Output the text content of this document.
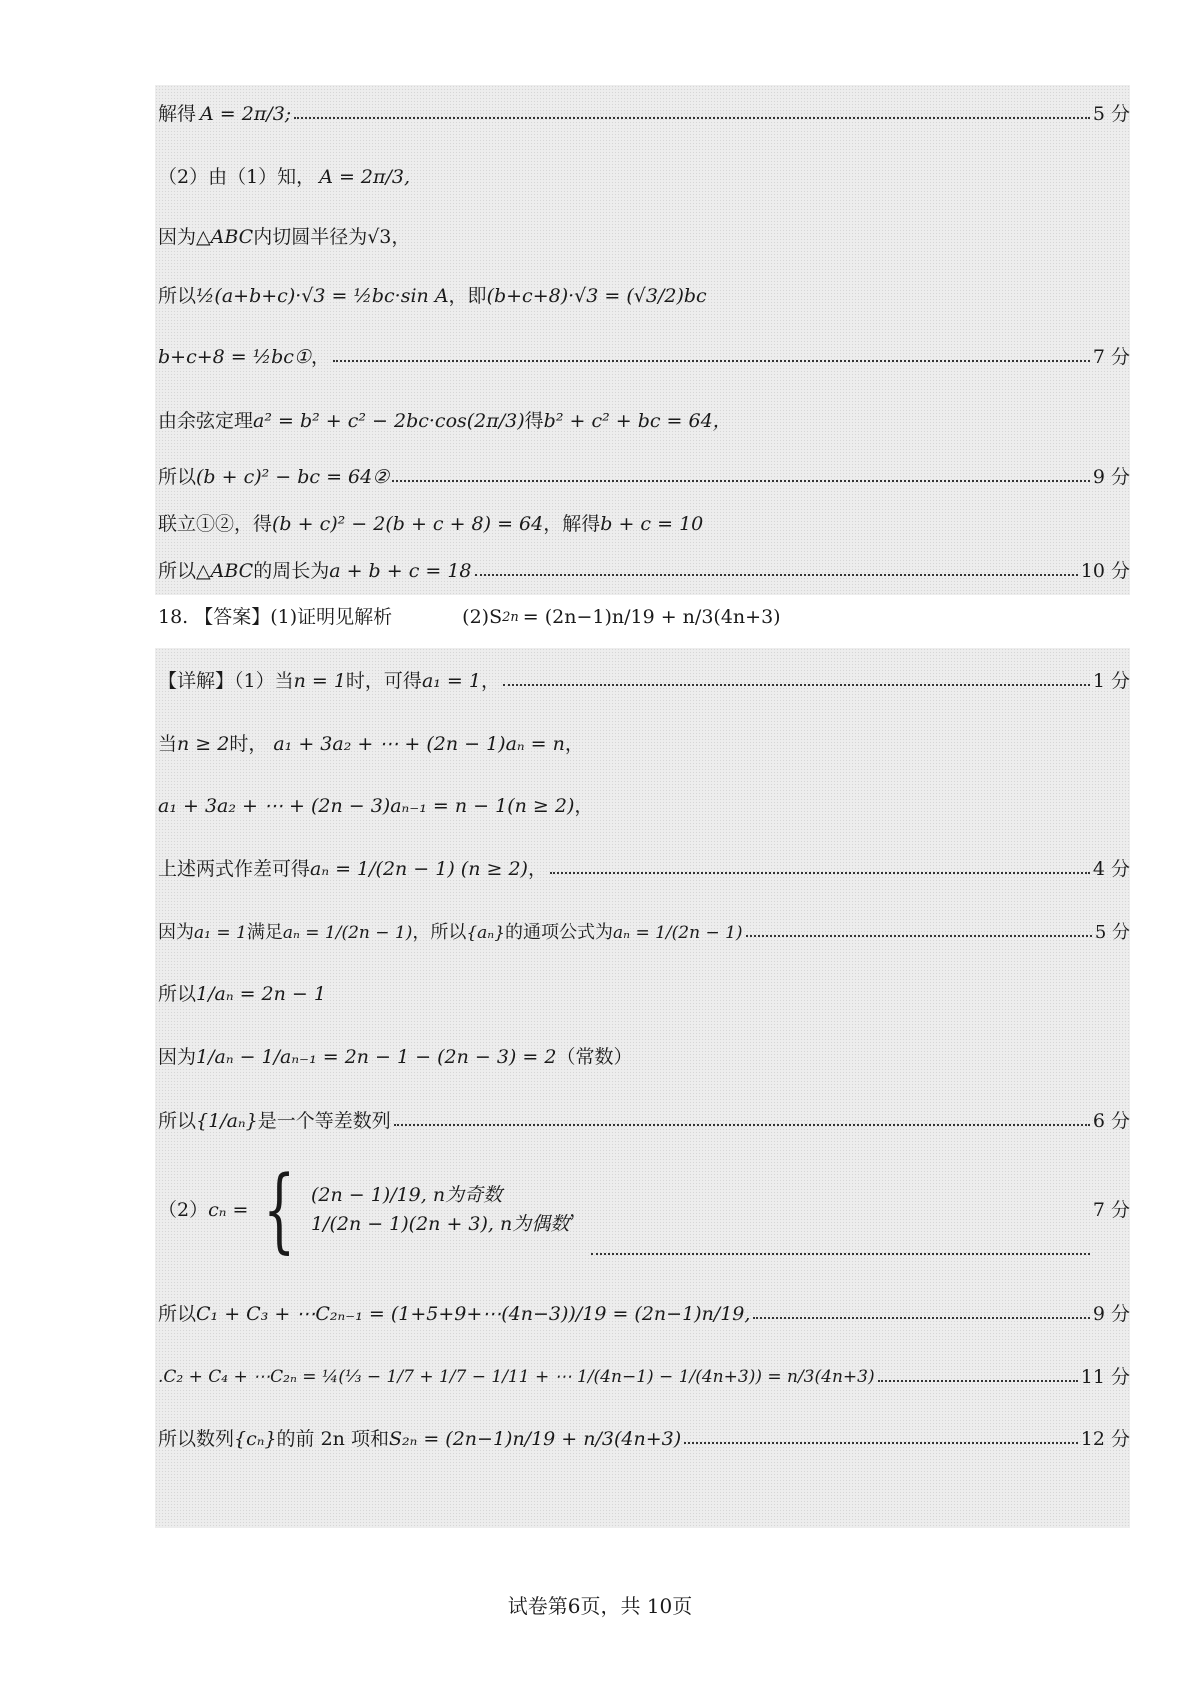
解得 A = 2π/3;	5 分
（2）由（1）知， A = 2π/3,
因为△ ABC 内切圆半径为√3，
所以 ½(a+b+c)·√3 = ½bc·sin A ，即 (b+c+8)·√3 = (√3/2)bc
b+c+8 = ½bc① ，	7 分
由余弦定理 a² = b² + c² − 2bc·cos(2π/3) 得 b² + c² + bc = 64，
所以 (b + c)² − bc = 64②	9 分
联立①②，得 (b + c)² − 2(b + c + 8) = 64 ，解得 b + c = 10
所以△ ABC 的周长为 a + b + c = 18	10 分
18. 【答案】 (1)证明见解析	(2)S 2n = (2n−1)n/19 + n/3(4n+3)
【详解】（1）当 n = 1 时，可得 a₁ = 1 ，	1 分
当 n ≥ 2 时， a₁ + 3a₂ + ⋯ + (2n − 1)aₙ = n ，
a₁ + 3a₂ + ⋯ + (2n − 3)aₙ₋₁ = n − 1(n ≥ 2) ，
上述两式作差可得 aₙ = 1/(2n − 1) (n ≥ 2) ，	4 分
因为 a₁ = 1 满足 aₙ = 1/(2n − 1) ，所以 {aₙ} 的通项公式为 aₙ = 1/(2n − 1)	5 分
所以 1/aₙ = 2n − 1
因为 1/aₙ − 1/aₙ₋₁ = 2n − 1 − (2n − 3) = 2 （常数）
所以 {1/aₙ} 是一个等差数列	6 分
（2） cₙ = { (2n − 1)/19, n为奇数
1/(2n − 1)(2n + 3), n为偶数
，	7 分
所以 C₁ + C₃ + ⋯C₂ₙ₋₁ = (1+5+9+⋯(4n−3))/19 = (2n−1)n/19,	9 分
.C₂ + C₄ + ⋯C₂ₙ = ¼(⅓ − 1/7 + 1/7 − 1/11 + ⋯ 1/(4n−1) − 1/(4n+3)) = n/3(4n+3)	11 分
所以数列 {cₙ} 的前 2n 项和 S₂ₙ = (2n−1)n/19 + n/3(4n+3)	12 分
试卷第6页，共 10页
